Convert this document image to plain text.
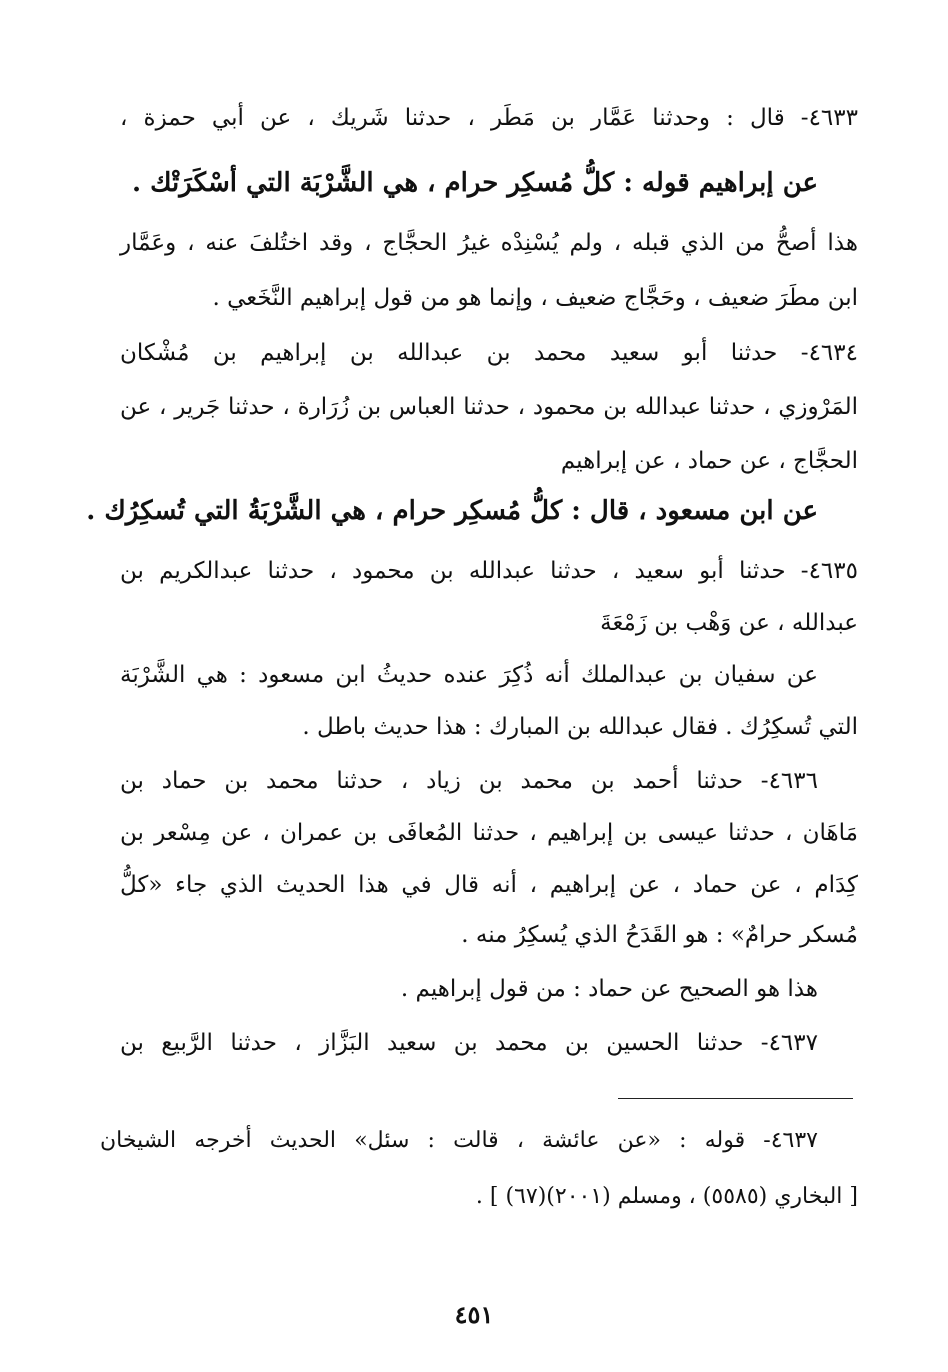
٤٦٣٣- قال : وحدثنا عَمَّار بن مَطَر ، حدثنا شَريك ، عن أبي حمزة ،

عن إبراهيم قوله : كلُّ مُسكِر حرام ، هي الشَّرْبَة التي أسْكَرَتْك .

هذا أصحُّ من الذي قبله ، ولم يُسْنِدْه غيرُ الحجَّاج ، وقد اختُلفَ عنه ، وعَمَّار

ابن مطَرَ ضعيف ، وحَجَّاج ضعيف ، وإنما هو من قول إبراهيم النَّخَعي .

٤٦٣٤- حدثنا أبو سعيد محمد بن عبدالله بن إبراهيم بن مُشْكان

المَرْوزي ، حدثنا عبدالله بن محمود ، حدثنا العباس بن زُرَارة ، حدثنا جَرير ، عن

الحجَّاج ، عن حماد ، عن إبراهيم

عن ابن مسعود ، قال : كلُّ مُسكِر حرام ، هي الشَّرْبَةُ التي تُسكِرُك .

٤٦٣٥- حدثنا أبو سعيد ، حدثنا عبدالله بن محمود ، حدثنا عبدالكريم بن

عبدالله ، عن وَهْب بن زَمْعَةَ

عن سفيان بن عبدالملك أنه ذُكِرَ عنده حديثُ ابن مسعود : هي الشَّرْبَة

التي تُسكِرُك . فقال عبدالله بن المبارك : هذا حديث باطل .

٤٦٣٦- حدثنا أحمد بن محمد بن زياد ، حدثنا محمد بن حماد بن

مَاهَان ، حدثنا عيسى بن إبراهيم ، حدثنا المُعافَى بن عمران ، عن مِسْعر بن

كِدَام ، عن حماد ، عن إبراهيم ، أنه قال في هذا الحديث الذي جاء «كلُّ

مُسكر حرامٌ» : هو القَدَحُ الذي يُسكِرُ منه .

هذا هو الصحيح عن حماد : من قول إبراهيم .

٤٦٣٧- حدثنا الحسين بن محمد بن سعيد البَزَّاز ، حدثنا الرَّبيع بن

٤٦٣٧- قوله : «عن عائشة ، قالت : سئل» الحديث أخرجه الشيخان

[ البخاري (٥٥٨٥) ، ومسلم (٢٠٠١)(٦٧) ] .

٤٥١
